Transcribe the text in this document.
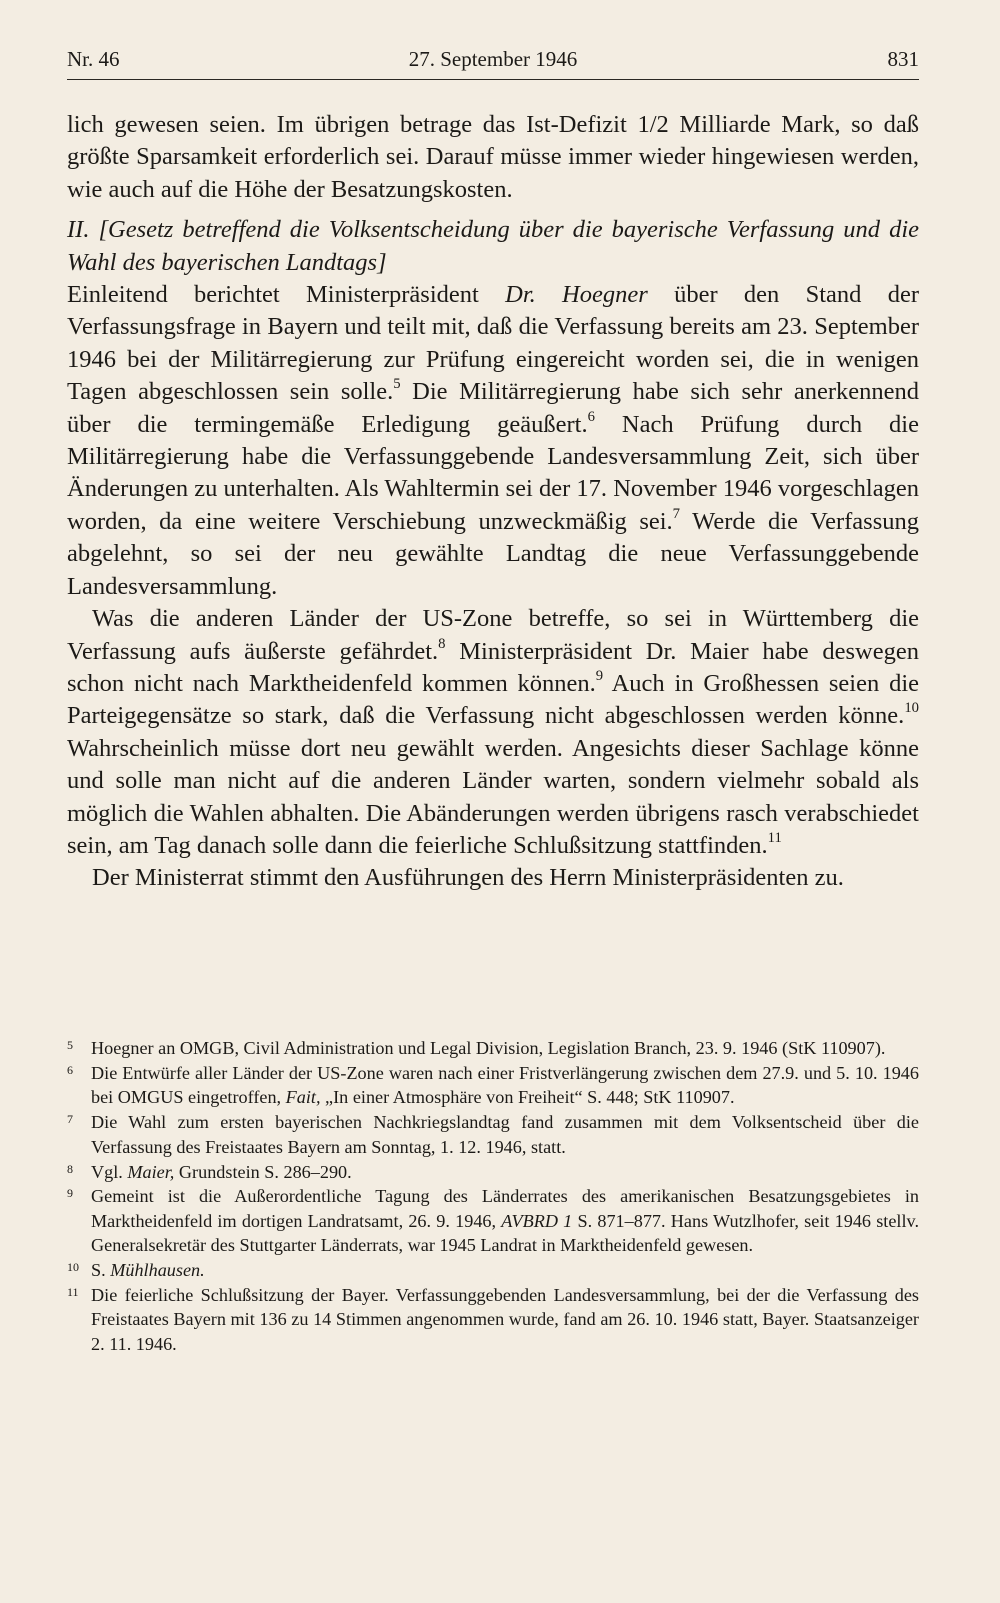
Nr. 46	27. September 1946	831

lich gewesen seien. Im übrigen betrage das Ist-Defizit 1/2 Milliarde Mark, so daß größte Sparsamkeit erforderlich sei. Darauf müsse immer wieder hingewiesen werden, wie auch auf die Höhe der Besatzungskosten.

II. [Gesetz betreffend die Volksentscheidung über die bayerische Verfassung und die Wahl des bayerischen Landtags]

Einleitend berichtet Ministerpräsident Dr. Hoegner über den Stand der Verfassungsfrage in Bayern und teilt mit, daß die Verfassung bereits am 23. September 1946 bei der Militärregierung zur Prüfung eingereicht worden sei, die in wenigen Tagen abgeschlossen sein solle.$^5$ Die Militärregierung habe sich sehr anerkennend über die termingemäße Erledigung geäußert.$^6$ Nach Prüfung durch die Militärregierung habe die Verfassunggebende Landesversammlung Zeit, sich über Änderungen zu unterhalten. Als Wahltermin sei der 17. November 1946 vorgeschlagen worden, da eine weitere Verschiebung unzweckmäßig sei.$^7$ Werde die Verfassung abgelehnt, so sei der neu gewählte Landtag die neue Verfassunggebende Landesversammlung.

Was die anderen Länder der US-Zone betreffe, so sei in Württemberg die Verfassung aufs äußerste gefährdet.$^8$ Ministerpräsident Dr. Maier habe deswegen schon nicht nach Marktheidenfeld kommen können.$^9$ Auch in Großhessen seien die Parteigegensätze so stark, daß die Verfassung nicht abgeschlossen werden könne.$^{10}$ Wahrscheinlich müsse dort neu gewählt werden. Angesichts dieser Sachlage könne und solle man nicht auf die anderen Länder warten, sondern vielmehr sobald als möglich die Wahlen abhalten. Die Abänderungen werden übrigens rasch verabschiedet sein, am Tag danach solle dann die feierliche Schlußsitzung stattfinden.$^{11}$

Der Ministerrat stimmt den Ausführungen des Herrn Ministerpräsidenten zu.

5 Hoegner an OMGB, Civil Administration und Legal Division, Legislation Branch, 23. 9. 1946 (StK 110907).

6 Die Entwürfe aller Länder der US-Zone waren nach einer Fristverlängerung zwischen dem 27.9. und 5. 10. 1946 bei OMGUS eingetroffen, Fait, „In einer Atmosphäre von Freiheit“ S. 448; StK 110907.

7 Die Wahl zum ersten bayerischen Nachkriegslandtag fand zusammen mit dem Volksentscheid über die Verfassung des Freistaates Bayern am Sonntag, 1. 12. 1946, statt.

8 Vgl. Maier, Grundstein S. 286–290.

9 Gemeint ist die Außerordentliche Tagung des Länderrates des amerikanischen Besatzungsgebietes in Marktheidenfeld im dortigen Landratsamt, 26. 9. 1946, AVBRD 1 S. 871–877. Hans Wutzlhofer, seit 1946 stellv. Generalsekretär des Stuttgarter Länderrats, war 1945 Landrat in Marktheidenfeld gewesen.

10 S. Mühlhausen.

11 Die feierliche Schlußsitzung der Bayer. Verfassunggebenden Landesversammlung, bei der die Verfassung des Freistaates Bayern mit 136 zu 14 Stimmen angenommen wurde, fand am 26. 10. 1946 statt, Bayer. Staatsanzeiger 2. 11. 1946.
